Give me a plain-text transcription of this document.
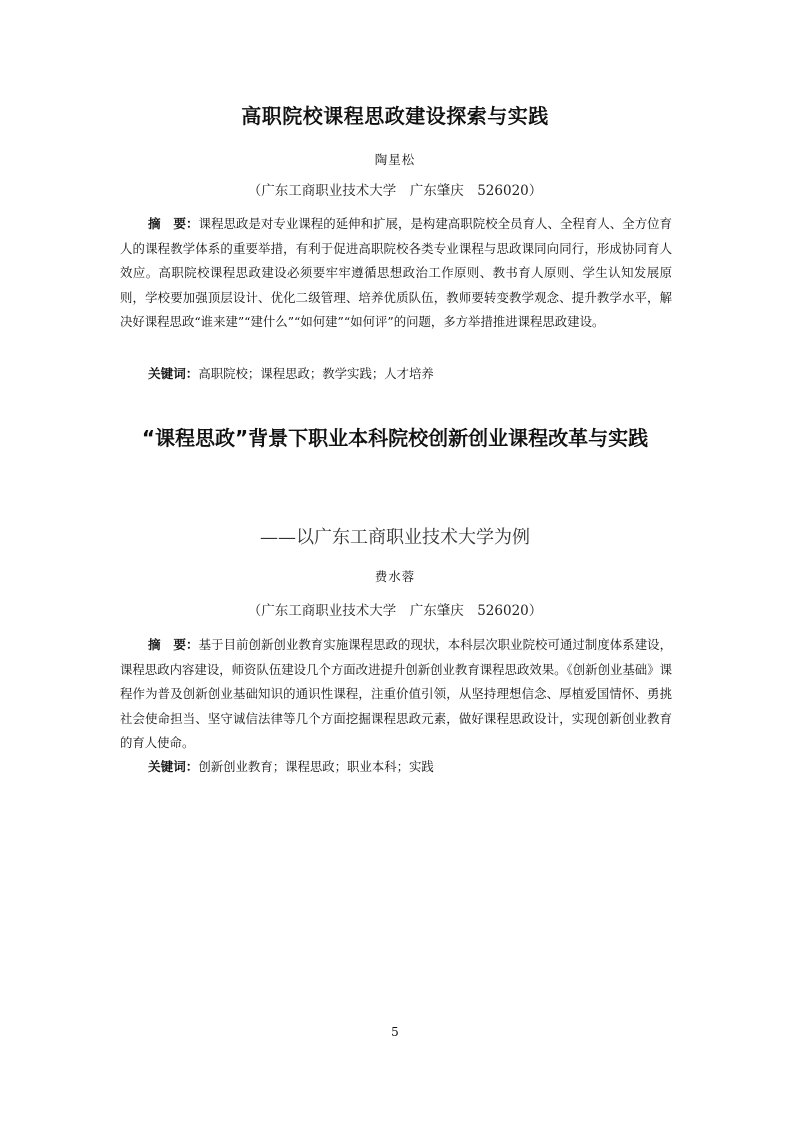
高职院校课程思政建设探索与实践
陶星松
（广东工商职业技术大学　广东肇庆　526020）
摘　要：课程思政是对专业课程的延伸和扩展，是构建高职院校全员育人、全程育人、全方位育人的课程教学体系的重要举措，有利于促进高职院校各类专业课程与思政课同向同行，形成协同育人效应。高职院校课程思政建设必须要牢牢遵循思想政治工作原则、教书育人原则、学生认知发展原则，学校要加强顶层设计、优化二级管理、培养优质队伍，教师要转变教学观念、提升教学水平，解决好课程思政“谁来建”“建什么”“如何建”“如何评”的问题，多方举措推进课程思政建设。
关键词：高职院校；课程思政；教学实践；人才培养
“课程思政”背景下职业本科院校创新创业课程改革与实践
——以广东工商职业技术大学为例
费水蓉
（广东工商职业技术大学　广东肇庆　526020）
摘　要：基于目前创新创业教育实施课程思政的现状，本科层次职业院校可通过制度体系建设，课程思政内容建设，师资队伍建设几个方面改进提升创新创业教育课程思政效果。《创新创业基础》课程作为普及创新创业基础知识的通识性课程，注重价值引领，从坚持理想信念、厚植爱国情怀、勇挑社会使命担当、坚守诚信法律等几个方面挖掘课程思政元素，做好课程思政设计，实现创新创业教育的育人使命。
关键词：创新创业教育；课程思政；职业本科；实践
5
